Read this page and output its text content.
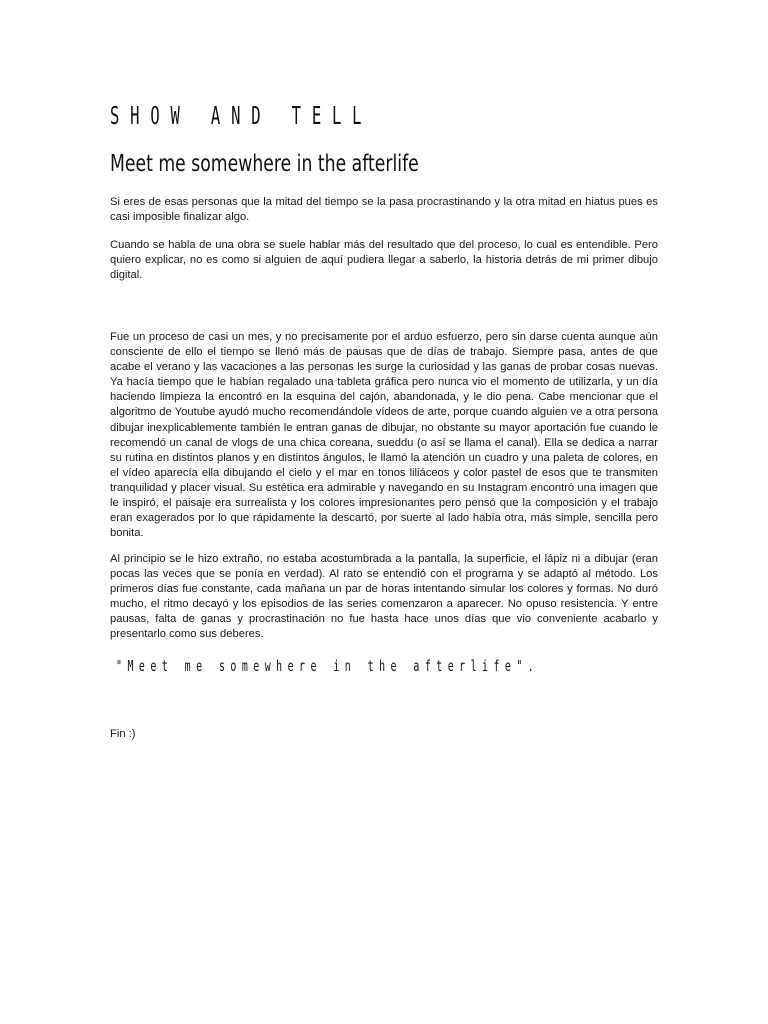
SHOW AND TELL
Meet me somewhere in the afterlife

Si eres de esas personas que la mitad del tiempo se la pasa procrastinando y la otra mitad en hiatus pues es casi imposible finalizar algo.

Cuando se habla de una obra se suele hablar más del resultado que del proceso, lo cual es entendible. Pero quiero explicar, no es como si alguien de aquí pudiera llegar a saberlo, la historia detrás de mi primer dibujo digital.

Fue un proceso de casi un mes, y no precisamente por el arduo esfuerzo, pero sin darse cuenta aunque aún consciente de ello el tiempo se llenó más de pausas que de días de trabajo. Siempre pasa, antes de que acabe el verano y las vacaciones a las personas les surge la curiosidad y las ganas de probar cosas nuevas. Ya hacía tiempo que le habían regalado una tableta gráfica pero nunca vio el momento de utilizarla, y un día haciendo limpieza la encontró en la esquina del cajón, abandonada, y le dio pena. Cabe mencionar que el algoritmo de Youtube ayudó mucho recomendándole vídeos de arte, porque cuando alguien ve a otra persona dibujar inexplicablemente también le entran ganas de dibujar, no obstante su mayor aportación fue cuando le recomendó un canal de vlogs de una chica coreana, sueddu (o así se llama el canal). Ella se dedica a narrar su rutina en distintos planos y en distintos ángulos, le llamó la atención un cuadro y una paleta de colores, en el vídeo aparecía ella dibujando el cielo y el mar en tonos liliáceos y color pastel de esos que te transmiten tranquilidad y placer visual. Su estética era admirable y navegando en su Instagram encontró una imagen que le inspiró, el paisaje era surrealista y los colores impresionantes pero pensó que la composición y el trabajo eran exagerados por lo que rápidamente la descartó, por suerte al lado había otra, más simple, sencilla pero bonita.

Al principio se le hizo extraño, no estaba acostumbrada a la pantalla, la superficie, el lápiz ni a dibujar (eran pocas las veces que se ponía en verdad). Al rato se entendió con el programa y se adaptó al método. Los primeros días fue constante, cada mañana un par de horas intentando simular los colores y formas. No duró mucho, el ritmo decayó y los episodios de las series comenzaron a aparecer. No opuso resistencia. Y entre pausas, falta de ganas y procrastinación no fue hasta hace unos días que vio conveniente acabarlo y presentarlo como sus deberes.

"Meet me somewhere in the afterlife".

Fin :)
